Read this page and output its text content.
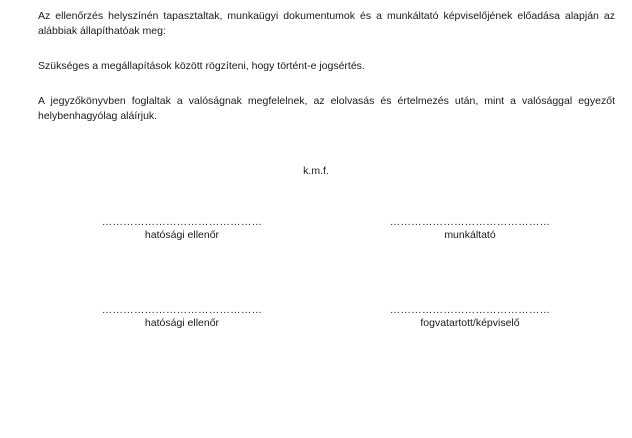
Az ellenőrzés helyszínén tapasztaltak, munkaügyi dokumentumok és a munkáltató képviselőjének előadása alapján az alábbiak állapíthatóak meg:

Szükséges a megállapítások között rögzíteni, hogy történt-e jogsértés.

A jegyzőkönyvben foglaltak a valóságnak megfelelnek, az elolvasás és értelmezés után, mint a valósággal egyezőt helybenhagyólag aláírjuk.

k.m.f.
………………………………………
hatósági ellenőr
………………………………………
munkáltató
………………………………………
hatósági ellenőr
………………………………………
fogvatartott/képviselő
